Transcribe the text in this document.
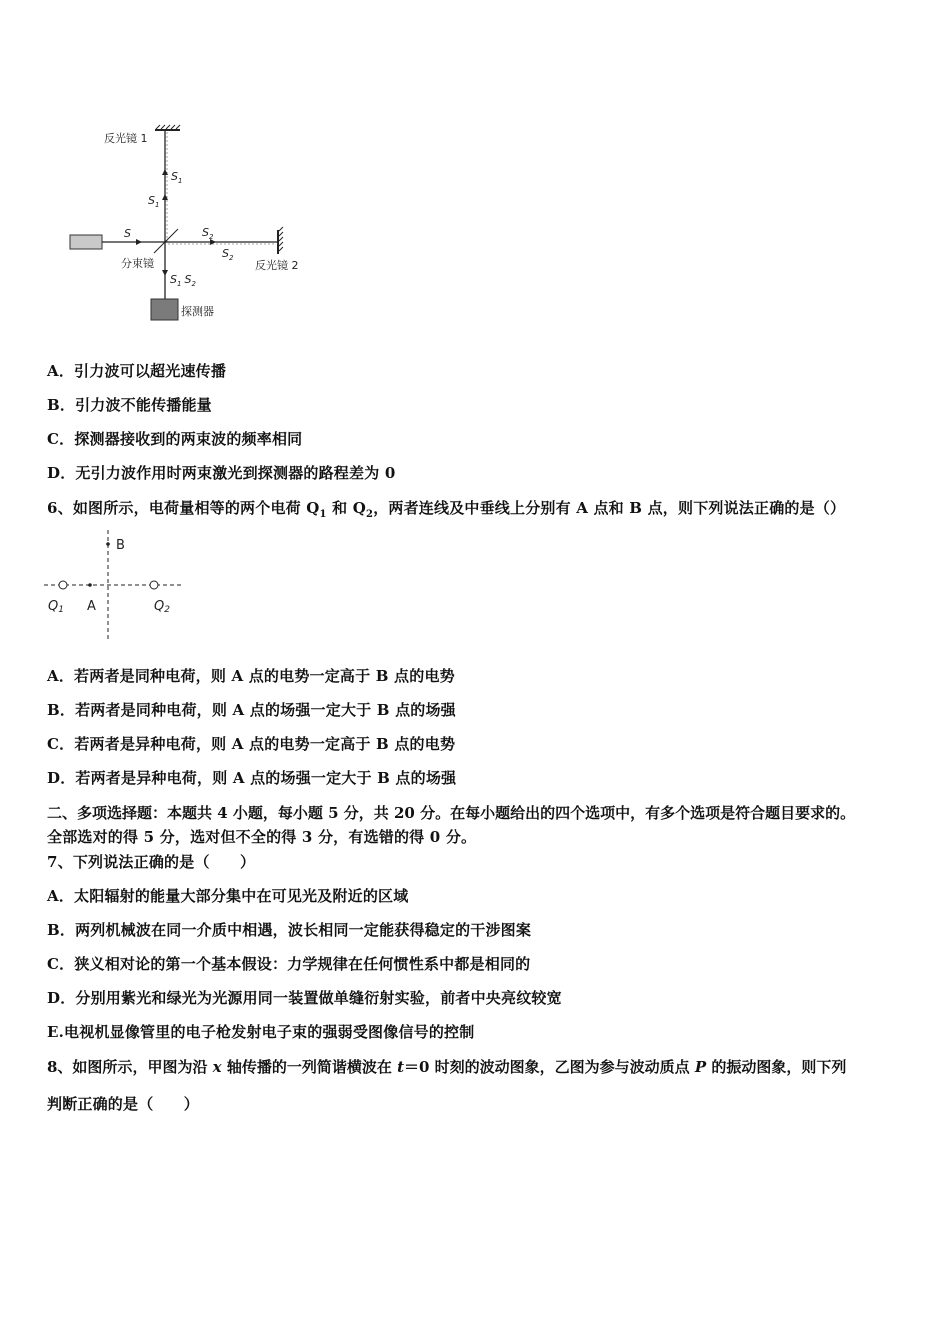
反光镜 1
反光镜 2
分束镜
探测器
S
$S_1$
$S_1$
$S_2$
$S_2$
$S_1$ $S_2$
A．引力波可以超光速传播
B．引力波不能传播能量
C．探测器接收到的两束波的频率相同
D．无引力波作用时两束激光到探测器的路程差为 0
6、如图所示，电荷量相等的两个电荷 $Q_1$ 和 $Q_2$，两者连线及中垂线上分别有 A 点和 B 点，则下列说法正确的是（）
B
A
Q1	Q2
A．若两者是同种电荷，则 A 点的电势一定高于 B 点的电势
B．若两者是同种电荷，则 A 点的场强一定大于 B 点的场强
C．若两者是异种电荷，则 A 点的电势一定高于 B 点的电势
D．若两者是异种电荷，则 A 点的场强一定大于 B 点的场强
二、多项选择题：本题共 4 小题，每小题 5 分，共 20 分。在每小题给出的四个选项中，有多个选项是符合题目要求的。
全部选对的得 5 分，选对但不全的得 3 分，有选错的得 0 分。
7、下列说法正确的是（　　）
A．太阳辐射的能量大部分集中在可见光及附近的区域
B．两列机械波在同一介质中相遇，波长相同一定能获得稳定的干涉图案
C．狭义相对论的第一个基本假设：力学规律在任何惯性系中都是相同的
D．分别用紫光和绿光为光源用同一装置做单缝衍射实验，前者中央亮纹较宽
E.电视机显像管里的电子枪发射电子束的强弱受图像信号的控制
8、如图所示，甲图为沿 x 轴传播的一列简谐横波在 t＝0 时刻的波动图象，乙图为参与波动质点 P 的振动图象，则下列
判断正确的是（　　）
